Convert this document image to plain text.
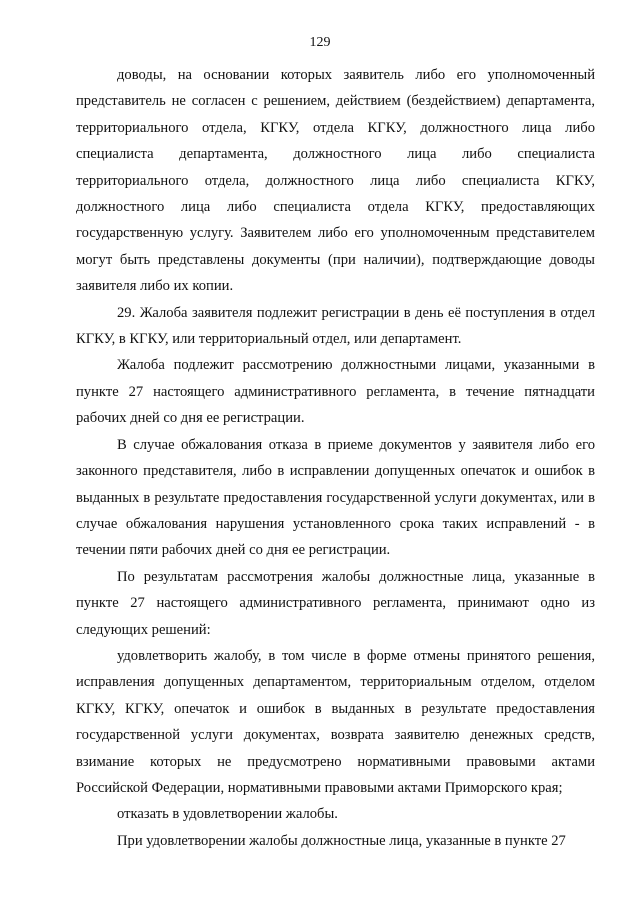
129

доводы, на основании которых заявитель либо его уполномоченный представитель не согласен с решением, действием (бездействием) департамента, территориального отдела, КГКУ, отдела КГКУ, должностного лица либо специалиста департамента, должностного лица либо специалиста территориального отдела, должностного лица либо специалиста КГКУ, должностного лица либо специалиста отдела КГКУ, предоставляющих государственную услугу. Заявителем либо его уполномоченным представителем могут быть представлены документы (при наличии), подтверждающие доводы заявителя либо их копии.

29. Жалоба заявителя подлежит регистрации в день её поступления в отдел КГКУ, в КГКУ, или территориальный отдел, или департамент.

Жалоба подлежит рассмотрению должностными лицами, указанными в пункте 27 настоящего административного регламента, в течение пятнадцати рабочих дней со дня ее регистрации.

В случае обжалования отказа в приеме документов у заявителя либо его законного представителя, либо в исправлении допущенных опечаток и ошибок в выданных в результате предоставления государственной услуги документах, или в случае обжалования нарушения установленного срока таких исправлений - в течении пяти рабочих дней со дня ее регистрации.

По результатам рассмотрения жалобы должностные лица, указанные в пункте 27 настоящего административного регламента, принимают одно из следующих решений:

удовлетворить жалобу, в том числе в форме отмены принятого решения, исправления допущенных департаментом, территориальным отделом, отделом КГКУ, КГКУ, опечаток и ошибок в выданных в результате предоставления государственной услуги документах, возврата заявителю денежных средств, взимание которых не предусмотрено нормативными правовыми актами Российской Федерации, нормативными правовыми актами Приморского края;

отказать в удовлетворении жалобы.

При удовлетворении жалобы должностные лица, указанные в пункте 27
